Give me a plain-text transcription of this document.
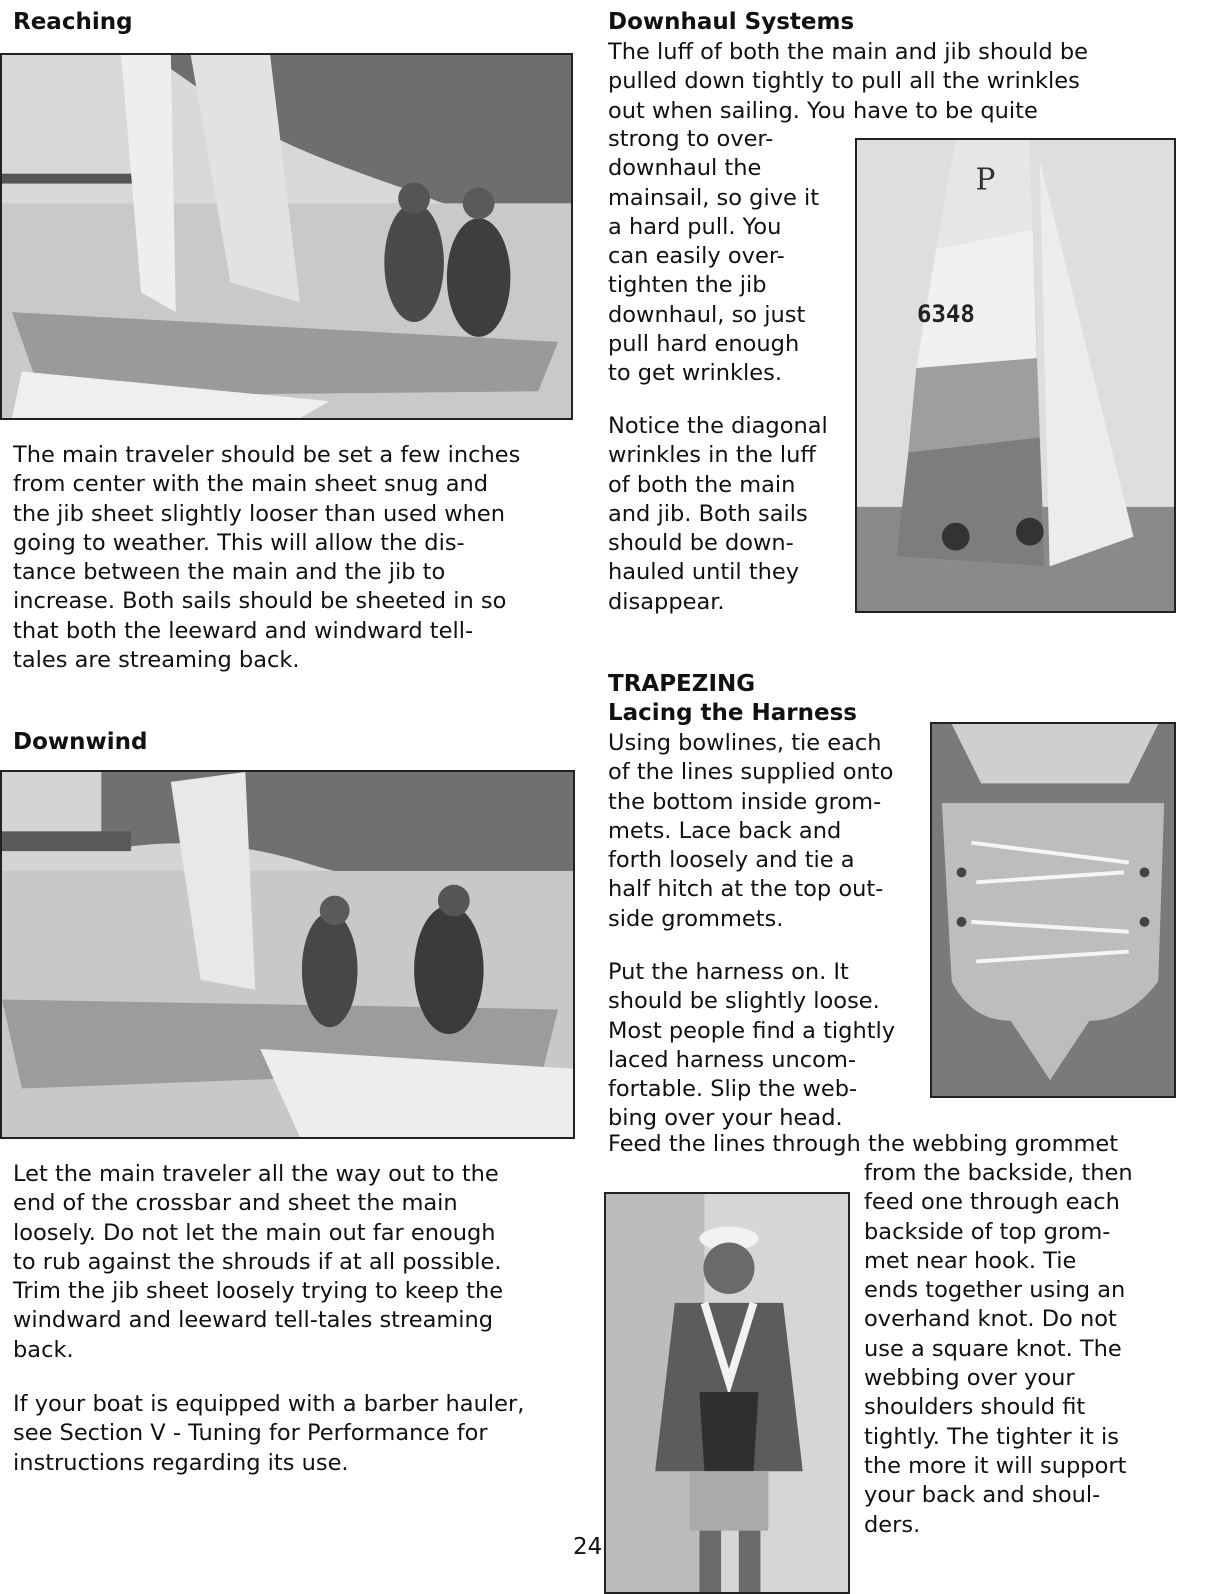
Reaching
The main traveler should be set a few inches
from center with the main sheet snug and
the jib sheet slightly looser than used when
going to weather. This will allow the dis-
tance between the main and the jib to
increase. Both sails should be sheeted in so
that both the leeward and windward tell-
tales are streaming back.
Downwind
Let the main traveler all the way out to the
end of the crossbar and sheet the main
loosely. Do not let the main out far enough
to rub against the shrouds if at all possible.
Trim the jib sheet loosely trying to keep the
windward and leeward tell-tales streaming
back.
If your boat is equipped with a barber hauler,
see Section V - Tuning for Performance for
instructions regarding its use.
Downhaul Systems
The luff of both the main and jib should be
pulled down tightly to pull all the wrinkles
out when sailing. You have to be quite
strong to over-
downhaul the
mainsail, so give it
a hard pull. You
can easily over-
tighten the jib
downhaul, so just
pull hard enough
to get wrinkles.
Notice the diagonal
wrinkles in the luff
of both the main
and jib. Both sails
should be down-
hauled until they
disappear.
P
6348
TRAPEZING
Lacing the Harness
Using bowlines, tie each
of the lines supplied onto
the bottom inside grom-
mets. Lace back and
forth loosely and tie a
half hitch at the top out-
side grommets.
Put the harness on. It
should be slightly loose.
Most people find a tightly
laced harness uncom-
fortable. Slip the web-
bing over your head.
Feed the lines through the webbing grommet
from the backside, then
feed one through each
backside of top grom-
met near hook. Tie
ends together using an
overhand knot. Do not
use a square knot. The
webbing over your
shoulders should fit
tightly. The tighter it is
the more it will support
your back and shoul-
ders.
24
